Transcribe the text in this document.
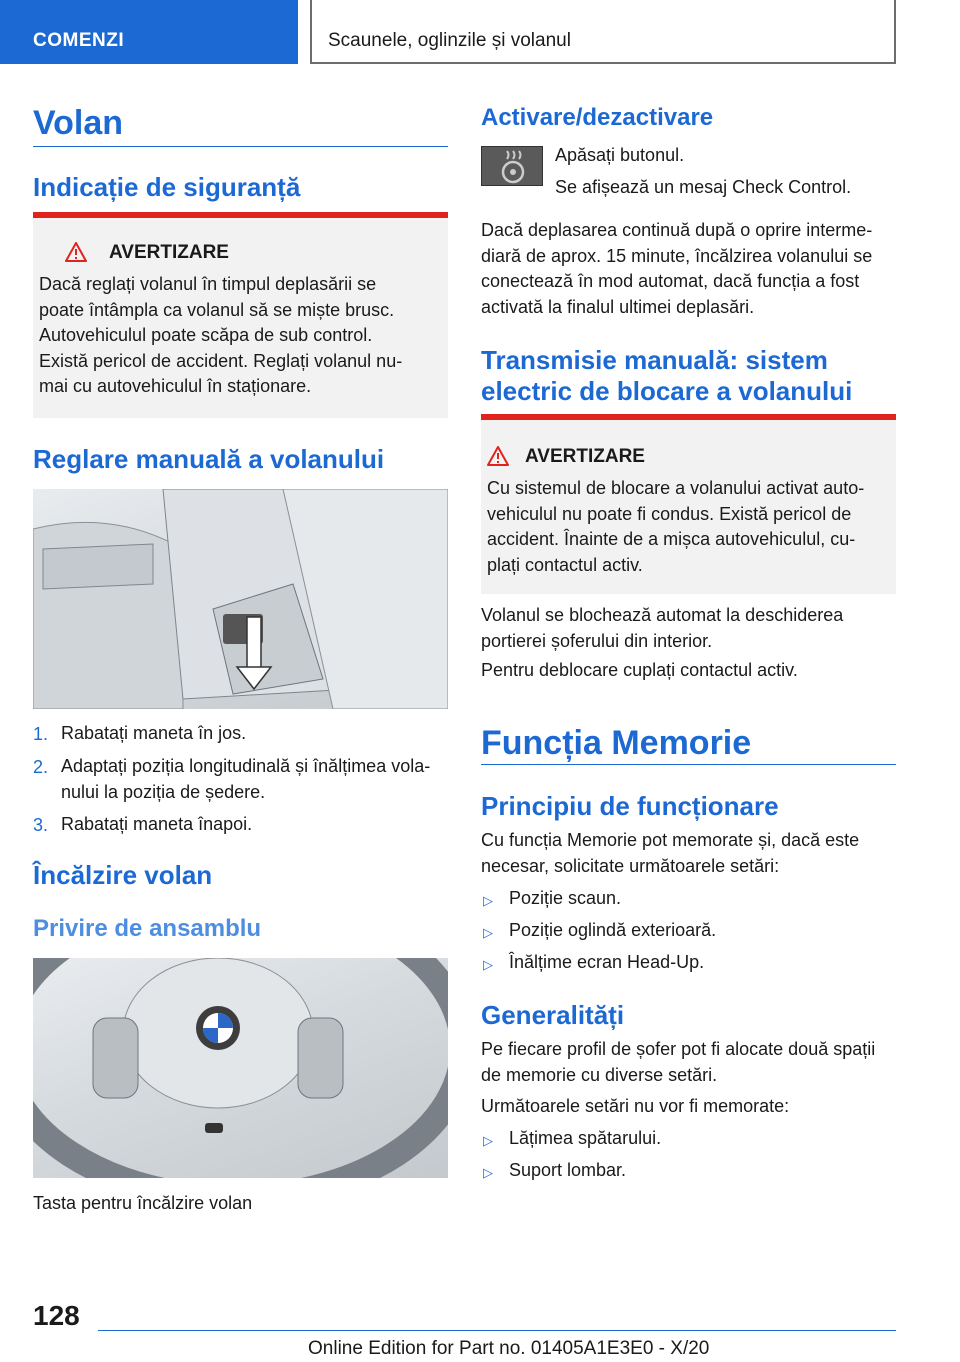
COMENZI	Scaunele, oglinzile și volanul
Volan
Indicație de siguranță
AVERTIZARE
Dacă reglați volanul în timpul deplasării se
poate întâmpla ca volanul să se miște brusc.
Autovehiculul poate scăpa de sub control.
Există pericol de accident. Reglați volanul nu-
mai cu autovehiculul în staționare.
Reglare manuală a volanului
1. Rabatați maneta în jos.
2. Adaptați poziția longitudinală și înălțimea vola-
nului la poziția de ședere.
3. Rabatați maneta înapoi.
Încălzire volan
Privire de ansamblu
Tasta pentru încălzire volan
Activare/dezactivare
Apăsați butonul.
Se afișează un mesaj Check Control.
Dacă deplasarea continuă după o oprire interme-
diară de aprox. 15 minute, încălzirea volanului se
conectează în mod automat, dacă funcția a fost
activată la finalul ultimei deplasări.
Transmisie manuală: sistem
electric de blocare a volanului
AVERTIZARE
Cu sistemul de blocare a volanului activat auto-
vehiculul nu poate fi condus. Există pericol de
accident. Înainte de a mișca autovehiculul, cu-
plați contactul activ.
Volanul se blochează automat la deschiderea
portierei șoferului din interior.
Pentru deblocare cuplați contactul activ.
Funcția Memorie
Principiu de funcționare
Cu funcția Memorie pot memorate și, dacă este
necesar, solicitate următoarele setări:
▷ Poziție scaun.
▷ Poziție oglindă exterioară.
▷ Înălțime ecran Head-Up.
Generalități
Pe fiecare profil de șofer pot fi alocate două spații
de memorie cu diverse setări.
Următoarele setări nu vor fi memorate:
▷ Lățimea spătarului.
▷ Suport lombar.
128
Online Edition for Part no. 01405A1E3E0 - X/20
